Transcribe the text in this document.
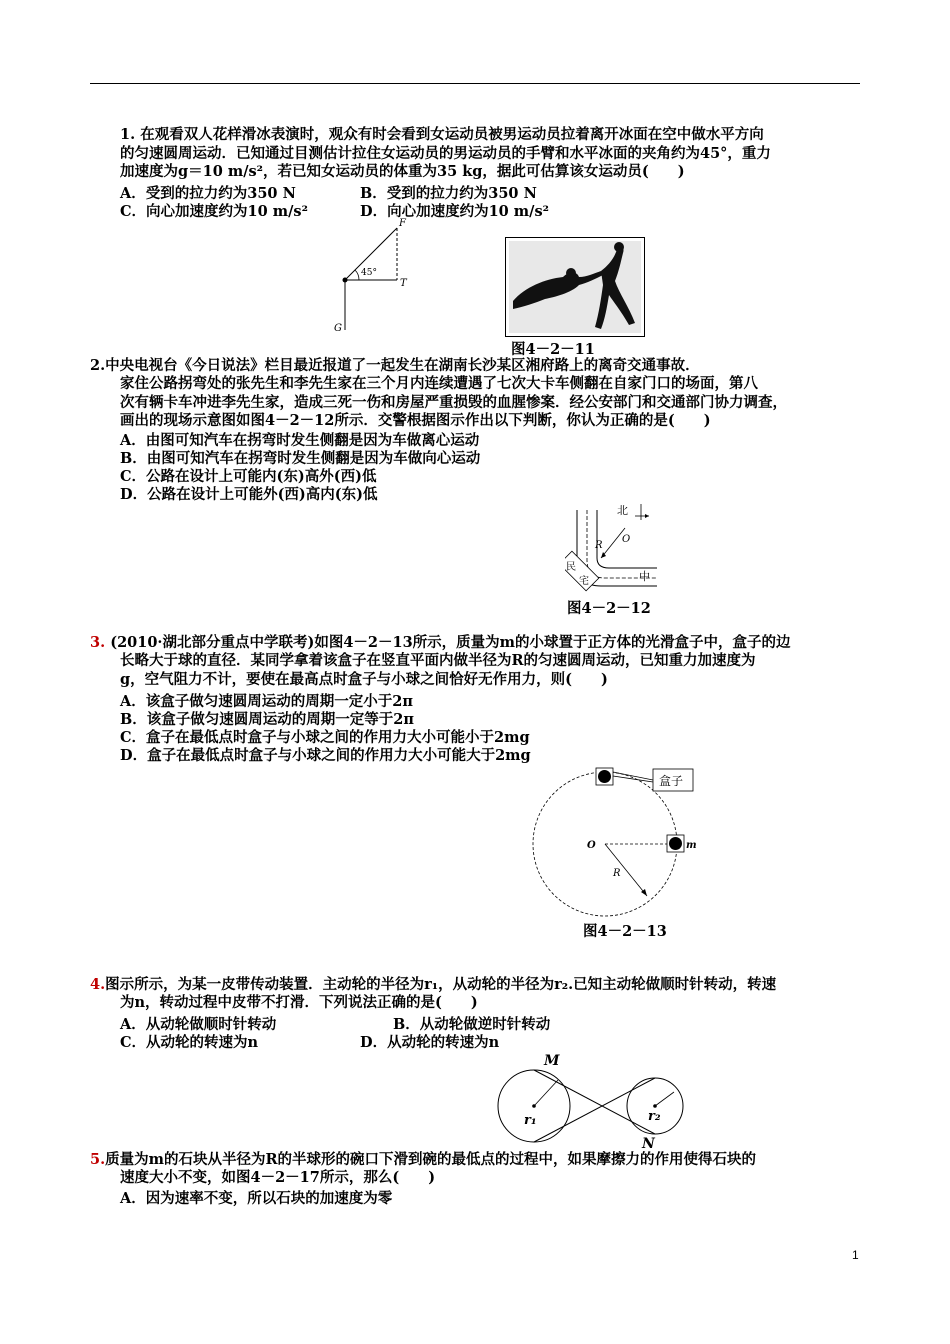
1. 在观看双人花样滑冰表演时，观众有时会看到女运动员被男运动员拉着离开冰面在空中做水平方向
的匀速圆周运动．已知通过目测估计拉住女运动员的男运动员的手臂和水平冰面的夹角约为45°，重力
加速度为g＝10 m/s²，若已知女运动员的体重为35 kg，据此可估算该女运动员(　　)
A．受到的拉力约为350 N	B．受到的拉力约为350 N
C．向心加速度约为10 m/s²	D．向心加速度约为10 m/s²
F
T
G
45°
图4－2－11
2.中央电视台《今日说法》栏目最近报道了一起发生在湖南长沙某区湘府路上的离奇交通事故．
家住公路拐弯处的张先生和李先生家在三个月内连续遭遇了七次大卡车侧翻在自家门口的场面，第八
次有辆卡车冲进李先生家，造成三死一伤和房屋严重损毁的血腥惨案．经公安部门和交通部门协力调查，
画出的现场示意图如图4－2－12所示．交警根据图示作出以下判断，你认为正确的是(　　)
A．由图可知汽车在拐弯时发生侧翻是因为车做离心运动
B．由图可知汽车在拐弯时发生侧翻是因为车做向心运动
C．公路在设计上可能内(东)高外(西)低
D．公路在设计上可能外(西)高内(东)低
北
O
R
中
民
宅
图4－2－12
3. (2010·湖北部分重点中学联考)如图4－2－13所示，质量为m的小球置于正方体的光滑盒子中，盒子的边
长略大于球的直径．某同学拿着该盒子在竖直平面内做半径为R的匀速圆周运动，已知重力加速度为
g，空气阻力不计，要使在最高点时盒子与小球之间恰好无作用力，则(　　)
A．该盒子做匀速圆周运动的周期一定小于2π
B．该盒子做匀速圆周运动的周期一定等于2π
C．盒子在最低点时盒子与小球之间的作用力大小可能小于2mg
D．盒子在最低点时盒子与小球之间的作用力大小可能大于2mg
盒子
O	m
R
图4－2－13
4.图示所示，为某一皮带传动装置．主动轮的半径为r₁，从动轮的半径为r₂.已知主动轮做顺时针转动，转速
为n，转动过程中皮带不打滑．下列说法正确的是(　　)
A．从动轮做顺时针转动	B．从动轮做逆时针转动
C．从动轮的转速为n	D．从动轮的转速为n
M
N
r₁	r₂
5.质量为m的石块从半径为R的半球形的碗口下滑到碗的最低点的过程中，如果摩擦力的作用使得石块的
速度大小不变，如图4－2－17所示，那么(　　)
A．因为速率不变，所以石块的加速度为零
1
